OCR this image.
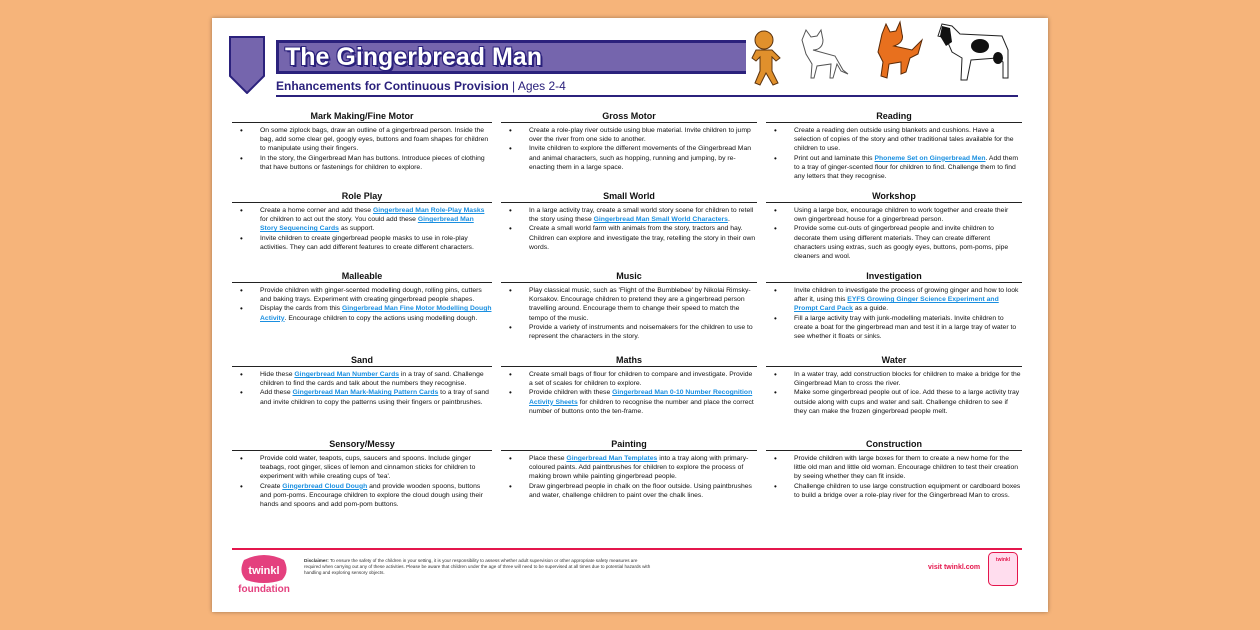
The Gingerbread Man
Enhancements for Continuous Provision | Ages 2-4
Mark Making/Fine Motor
• On some ziplock bags, draw an outline of a gingerbread person. Inside the bag, add some clear gel, googly eyes, buttons and foam shapes for children to manipulate using their fingers.
• In the story, the Gingerbread Man has buttons. Introduce pieces of clothing that have buttons or fastenings for children to explore.
Gross Motor
• Create a role-play river outside using blue material. Invite children to jump over the river from one side to another.
• Invite children to explore the different movements of the Gingerbread Man and animal characters, such as hopping, running and jumping, by re-enacting them in a large space.
Reading
• Create a reading den outside using blankets and cushions. Have a selection of copies of the story and other traditional tales available for the children to use.
• Print out and laminate this Phoneme Set on Gingerbread Men. Add them to a tray of ginger-scented flour for children to find. Challenge them to find any letters that they recognise.
Role Play
• Create a home corner and add these Gingerbread Man Role-Play Masks for children to act out the story. You could add these Gingerbread Man Story Sequencing Cards as support.
• Invite children to create gingerbread people masks to use in role-play activities. They can add different features to create different characters.
Small World
• In a large activity tray, create a small world story scene for children to retell the story using these Gingerbread Man Small World Characters.
• Create a small world farm with animals from the story, tractors and hay. Children can explore and investigate the tray, retelling the story in their own words.
Workshop
• Using a large box, encourage children to work together and create their own gingerbread house for a gingerbread person.
• Provide some cut-outs of gingerbread people and invite children to decorate them using different materials. They can create different characters using extras, such as googly eyes, buttons, pom-poms, pipe cleaners and wool.
Malleable
• Provide children with ginger-scented modelling dough, rolling pins, cutters and baking trays. Experiment with creating gingerbread people shapes.
• Display the cards from this Gingerbread Man Fine Motor Modelling Dough Activity. Encourage children to copy the actions using modelling dough.
Music
• Play classical music, such as 'Flight of the Bumblebee' by Nikolai Rimsky-Korsakov. Encourage children to pretend they are a gingerbread person travelling around. Encourage them to change their speed to match the tempo of the music.
• Provide a variety of instruments and noisemakers for the children to use to represent the characters in the story.
Investigation
• Invite children to investigate the process of growing ginger and how to look after it, using this EYFS Growing Ginger Science Experiment and Prompt Card Pack as a guide.
• Fill a large activity tray with junk-modelling materials. Invite children to create a boat for the gingerbread man and test it in a large tray of water to see whether it floats or sinks.
Sand
• Hide these Gingerbread Man Number Cards in a tray of sand. Challenge children to find the cards and talk about the numbers they recognise.
• Add these Gingerbread Man Mark-Making Pattern Cards to a tray of sand and invite children to copy the patterns using their fingers or paintbrushes.
Maths
• Create small bags of flour for children to compare and investigate. Provide a set of scales for children to explore.
• Provide children with these Gingerbread Man 0-10 Number Recognition Activity Sheets for children to recognise the number and place the correct number of buttons onto the ten-frame.
Water
• In a water tray, add construction blocks for children to make a bridge for the Gingerbread Man to cross the river.
• Make some gingerbread people out of ice. Add these to a large activity tray outside along with cups and water and salt. Challenge children to see if they can make the frozen gingerbread people melt.
Sensory/Messy
• Provide cold water, teapots, cups, saucers and spoons. Include ginger teabags, root ginger, slices of lemon and cinnamon sticks for children to experiment with while creating cups of 'tea'.
• Create Gingerbread Cloud Dough and provide wooden spoons, buttons and pom-poms. Encourage children to explore the cloud dough using their hands and spoons and add pom-pom buttons.
Painting
• Place these Gingerbread Man Templates into a tray along with primary-coloured paints. Add paintbrushes for children to explore the process of making brown while painting gingerbread people.
• Draw gingerbread people in chalk on the floor outside. Using paintbrushes and water, challenge children to paint over the chalk lines.
Construction
• Provide children with large boxes for them to create a new home for the little old man and little old woman. Encourage children to test their creation by seeing whether they can fit inside.
• Challenge children to use large construction equipment or cardboard boxes to build a bridge over a role-play river for the Gingerbread Man to cross.
twinkl
foundation
Disclaimer: To ensure the safety of the children in your setting, it is your responsibility to assess whether adult supervision or other appropriate safety measures are required when carrying out any of these activities. Please be aware that children under the age of three will need to be supervised at all times due to potential hazards with handling and exploring sensory objects.
visit twinkl.com
twinkl
